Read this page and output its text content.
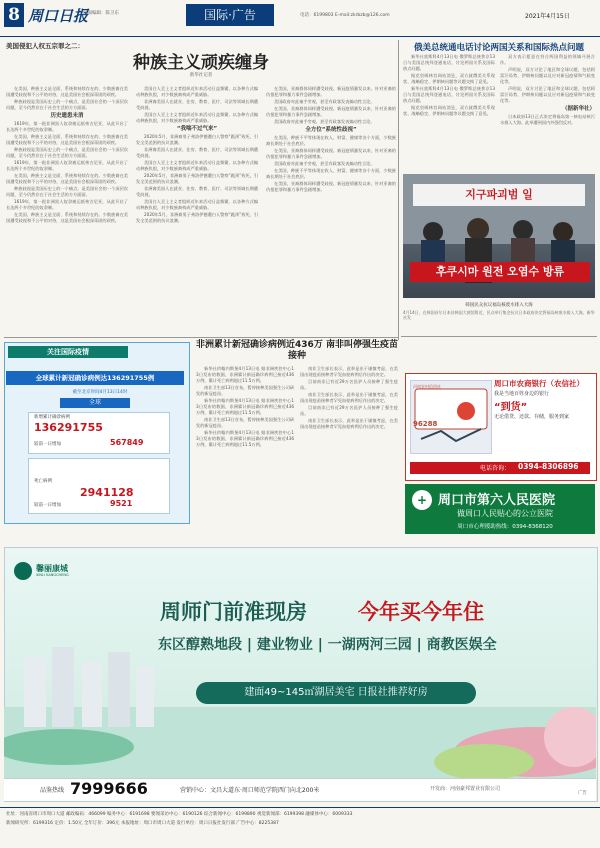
8 周口日报
版面编辑：陈卫东	国际·广告	电话：6199803 E-mail:zkrbzb@126.com	2021年4月15日
美国侵犯人权五宗罪之二：
种族主义顽疾缠身
新华社记者

在美国，种族主义是全面、系统和持续存在的。少数族裔在美国遭受歧视和不公平的对待，这是美国社会根深蒂固的顽疾。

种族歧视是美国历史上的一个痛点，是美国社会的一个深层次问题，至今仍然存在于社会生活的方方面面。

历史遗患未消

1619年，第一批非洲黑人奴隶被运抵弗吉尼亚，从此开启了长达两个多世纪的奴隶制。

在美国，种族主义是全面、系统和持续存在的。少数族裔在美国遭受歧视和不公平的对待，这是美国社会根深蒂固的顽疾。

种族歧视是美国历史上的一个痛点，是美国社会的一个深层次问题，至今仍然存在于社会生活的方方面面。

1619年，第一批非洲黑人奴隶被运抵弗吉尼亚，从此开启了长达两个多世纪的奴隶制。

在美国，种族主义是全面、系统和持续存在的。少数族裔在美国遭受歧视和不公平的对待，这是美国社会根深蒂固的顽疾。

种族歧视是美国历史上的一个痛点，是美国社会的一个深层次问题，至今仍然存在于社会生活的方方面面。

1619年，第一批非洲黑人奴隶被运抵弗吉尼亚，从此开启了长达两个多世纪的奴隶制。

在美国，种族主义是全面、系统和持续存在的。少数族裔在美国遭受歧视和不公平的对待，这是美国社会根深蒂固的顽疾。

美国白人至上主义者组织近年来活动日益频繁，以各种方式煽动种族仇恨，对少数族裔构成严重威胁。

非洲裔美国人在就业、住房、教育、医疗、司法等领域长期遭受歧视。

美国白人至上主义者组织近年来活动日益频繁，以各种方式煽动种族仇恨，对少数族裔构成严重威胁。

“我喘不过气来”

2020年5月，非洲裔男子弗洛伊德遭白人警察“跪颈”致死，引发全美范围的抗议浪潮。

非洲裔美国人在就业、住房、教育、医疗、司法等领域长期遭受歧视。

美国白人至上主义者组织近年来活动日益频繁，以各种方式煽动种族仇恨，对少数族裔构成严重威胁。

2020年5月，非洲裔男子弗洛伊德遭白人警察“跪颈”致死，引发全美范围的抗议浪潮。

非洲裔美国人在就业、住房、教育、医疗、司法等领域长期遭受歧视。

美国白人至上主义者组织近年来活动日益频繁，以各种方式煽动种族仇恨，对少数族裔构成严重威胁。

2020年5月，非洲裔男子弗洛伊德遭白人警察“跪颈”致死，引发全美范围的抗议浪潮。

在美国，亚裔群体同样遭受歧视。新冠疫情暴发以来，针对亚裔的仇恨犯罪和暴力事件急剧增加。

美国政府对此袖手旁观，甚至有政客发表煽动性言论。

在美国，亚裔群体同样遭受歧视。新冠疫情暴发以来，针对亚裔的仇恨犯罪和暴力事件急剧增加。

美国政府对此袖手旁观，甚至有政客发表煽动性言论。

全方位“系统性歧视”

在美国，种族不平等体现在收入、财富、健康等各个方面，少数族裔长期处于社会底层。

在美国，亚裔群体同样遭受歧视。新冠疫情暴发以来，针对亚裔的仇恨犯罪和暴力事件急剧增加。

美国政府对此袖手旁观，甚至有政客发表煽动性言论。

在美国，种族不平等体现在收入、财富、健康等各个方面，少数族裔长期处于社会底层。

在美国，亚裔群体同样遭受歧视。新冠疫情暴发以来，针对亚裔的仇恨犯罪和暴力事件急剧增加。

俄美总统通电话讨论两国关系和国际热点问题

新华社莫斯科4月13日电 俄罗斯总统普京13日与美国总统拜登通电话，讨论两国关系及国际热点问题。

据克里姆林宫网站消息，双方就俄美关系现状、战略稳定、伊朗核问题等议题交换了意见。

新华社莫斯科4月13日电 俄罗斯总统普京13日与美国总统拜登通电话，讨论两国关系及国际热点问题。

据克里姆林宫网站消息，双方就俄美关系现状、战略稳定、伊朗核问题等议题交换了意见。

双方表示愿意在符合两国利益的领域开展合作。

声明说，双方讨论了地区和全球议题，包括阿富汗局势、伊朗核问题以及应对新冠疫情和气候变化等。

声明说，双方讨论了地区和全球议题，包括阿富汗局势、伊朗核问题以及应对新冠疫情和气候变化等。

（据新华社）

日本政府13日正式决定将福岛第一核电站核污水排入大海。此举遭到国内外强烈反对。

지구파괴범 일
후쿠시마 원전 오염수 방류
韩国民众抗议福岛核废水排入大海
4月14日，在韩国首尔日本驻韩国大使馆附近，民众举行集会抗议日本政府决定将福岛核废水排入大海。新华社发
关注国际疫情
全球累计新冠确诊病例达136291755例
截至北京时间4月13日14时
全球
新增累计确诊病例
136291755
较前一日增加	567849
死亡病例
2941128
较前一日增加	9521
非洲累计新冠确诊病例近436万 南非叫停强生疫苗接种

新华社约翰内斯堡4月13日电 据非洲疾控中心13日发布的数据，非洲累计新冠确诊病例已接近436万例，累计死亡病例超过11.5万例。

南非卫生部13日宣布，暂停接种美国强生公司研发的新冠疫苗。

新华社约翰内斯堡4月13日电 据非洲疾控中心13日发布的数据，非洲累计新冠确诊病例已接近436万例，累计死亡病例超过11.5万例。

南非卫生部13日宣布，暂停接种美国强生公司研发的新冠疫苗。

新华社约翰内斯堡4月13日电 据非洲疾控中心13日发布的数据，非洲累计新冠确诊病例已接近436万例，累计死亡病例超过11.5万例。

南非卫生部长表示，此举是出于谨慎考虑，在美国出现疫苗接种者罕见血栓病例后作出的决定。

目前南非已有近29万名医护人员接种了强生疫苗。

南非卫生部长表示，此举是出于谨慎考虑，在美国出现疫苗接种者罕见血栓病例后作出的决定。

目前南非已有近29万名医护人员接种了强生疫苗。

南非卫生部长表示，此举是出于谨慎考虑，在美国出现疫苗接种者罕见血栓病例后作出的决定。

河南农村信用社
96288
周口市农商银行（农信社）
我是当地百姓身边的银行
“到货”
无论借贷、还款、存储，服务到家
电话咨询： 0394-8306896
+ 周口市第六人民医院
做周口人民贴心的公立医院
周口市心理援助热线：0394-8368120
馨丽康城
XINLI KANGCHENG
周师门前准现房 今年买今年住
东区醇熟地段 | 建业物业 | 一湖两河三园 | 商教医娱全
建面49~145㎡湖居美宅 日报社推荐好房
品鉴热线 7999666	营销中心：文昌大道东·周口师范学院西门向北200米	开发商：河南豪邦置业有限公司
广告
社址：河南省周口市周口大道 邮政编码：466099 编务中心：6191698 要闻采访中心：6190126 综合新闻中心：6199890 视觉新闻部：6199398 融媒体中心：6009333
新闻研究所：6199316 定价：1.50元 全年订价：396元 本报地址：周口市周口大道 发行单位：周口日报社发行部 广告中心：8225387
